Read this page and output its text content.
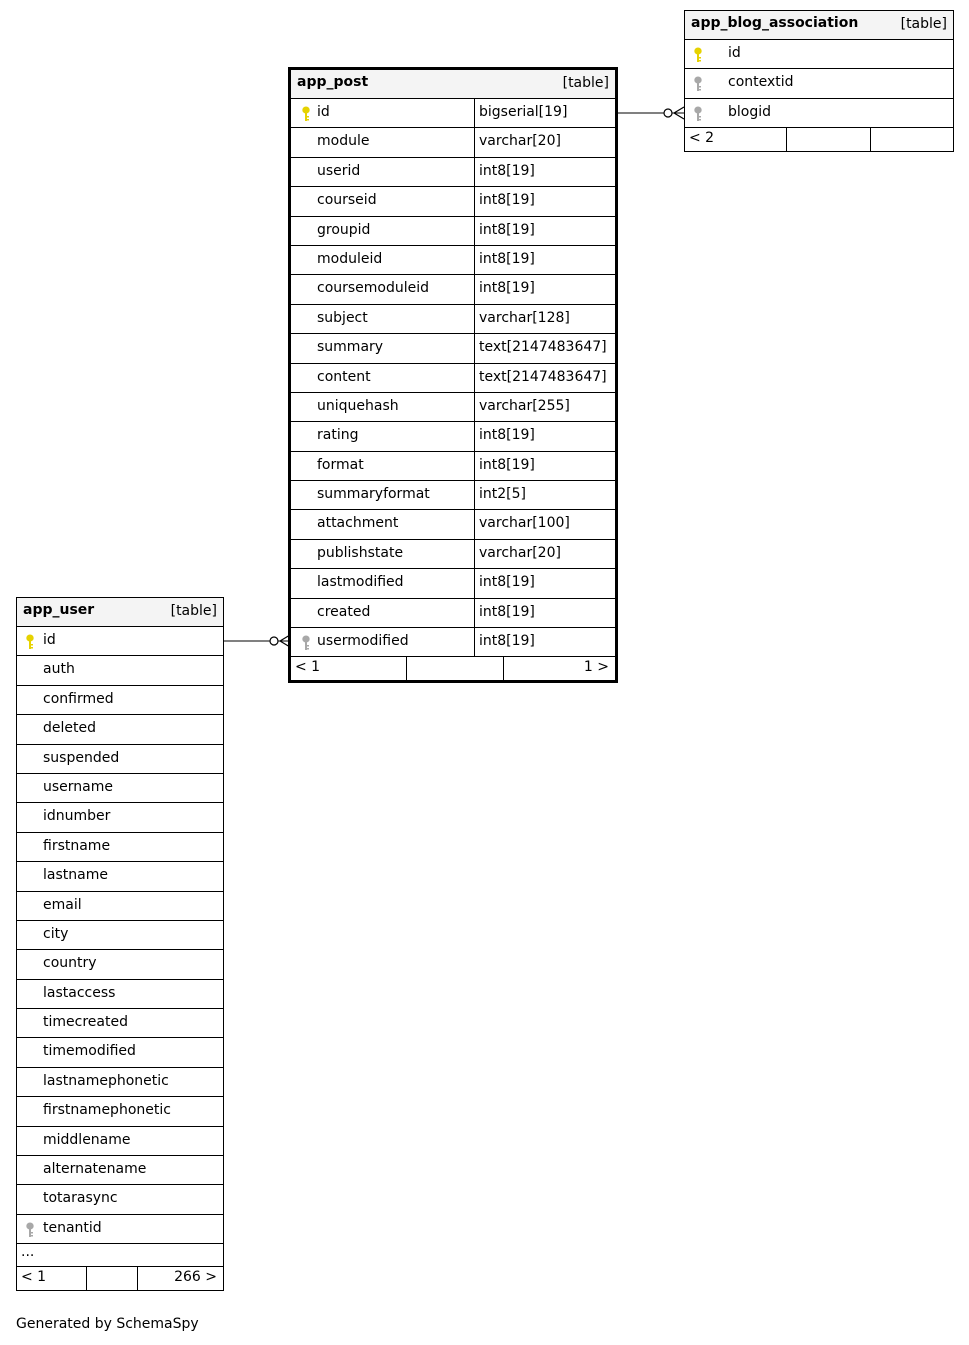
app_post	[table]
id	bigserial[19]
module	varchar[20]
userid	int8[19]
courseid	int8[19]
groupid	int8[19]
moduleid	int8[19]
coursemoduleid	int8[19]
subject	varchar[128]
summary	text[2147483647]
content	text[2147483647]
uniquehash	varchar[255]
rating	int8[19]
format	int8[19]
summaryformat	int2[5]
attachment	varchar[100]
publishstate	varchar[20]
lastmodified	int8[19]
created	int8[19]
usermodified	int8[19]
< 1	1 >
app_blog_association	[table]
id
contextid
blogid
< 2
app_user	[table]
id
auth
confirmed
deleted
suspended
username
idnumber
firstname
lastname
email
city
country
lastaccess
timecreated
timemodified
lastnamephonetic
firstnamephonetic
middlename
alternatename
totarasync
tenantid
...
< 1	266 >
Generated by SchemaSpy
